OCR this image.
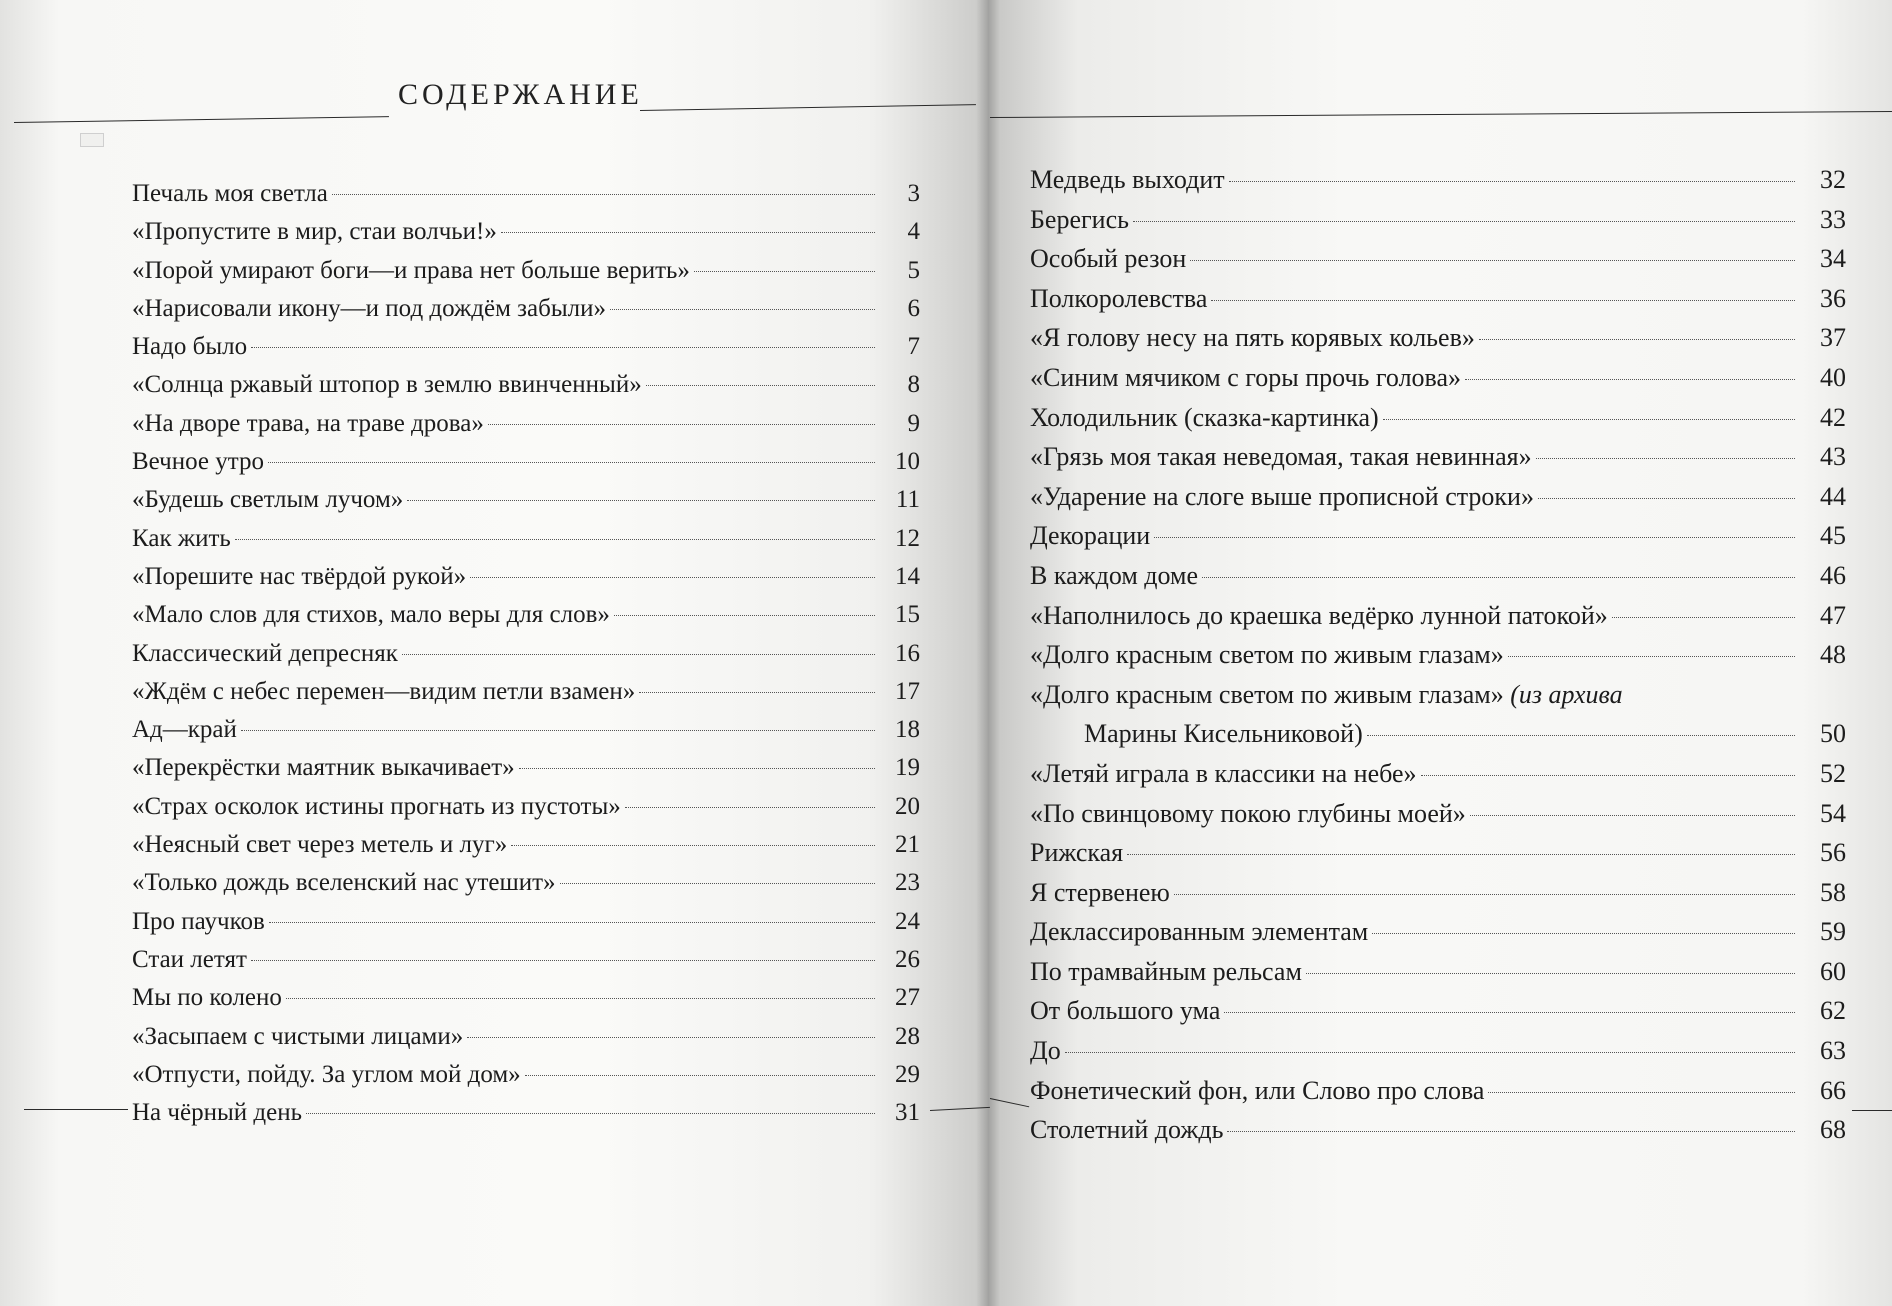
СОДЕРЖАНИЕ
Печаль моя светла	3
«Пропустите в мир, стаи волчьи!»	4
«Порой умирают боги—и права нет больше верить»	5
«Нарисовали икону—и под дождём забыли»	6
Надо было	7
«Солнца ржавый штопор в землю ввинченный»	8
«На дворе трава, на траве дрова»	9
Вечное утро	10
«Будешь светлым лучом»	11
Как жить	12
«Порешите нас твёрдой рукой»	14
«Мало слов для стихов, мало веры для слов»	15
Классический депресняк	16
«Ждём с небес перемен—видим петли взамен»	17
Ад—край	18
«Перекрёстки маятник выкачивает»	19
«Страх осколок истины прогнать из пустоты»	20
«Неясный свет через метель и луг»	21
«Только дождь вселенский нас утешит»	23
Про паучков	24
Стаи летят	26
Мы по колено	27
«Засыпаем с чистыми лицами»	28
«Отпусти, пойду. За углом мой дом»	29
На чёрный день	31
Медведь выходит	32
Берегись	33
Особый резон	34
Полкоролевства	36
«Я голову несу на пять корявых кольев»	37
«Синим мячиком с горы прочь голова»	40
Холодильник (сказка-картинка)	42
«Грязь моя такая неведомая, такая невинная»	43
«Ударение на слоге выше прописной строки»	44
Декорации	45
В каждом доме	46
«Наполнилось до краешка ведёрко лунной патокой»	47
«Долго красным светом по живым глазам»	48
«Долго красным светом по живым глазам» (из архива
Марины Кисельниковой)	50
«Летяй играла в классики на небе»	52
«По свинцовому покою глубины моей»	54
Рижская	56
Я стервенею	58
Деклассированным элементам	59
По трамвайным рельсам	60
От большого ума	62
До	63
Фонетический фон, или Слово про слова	66
Столетний дождь	68
